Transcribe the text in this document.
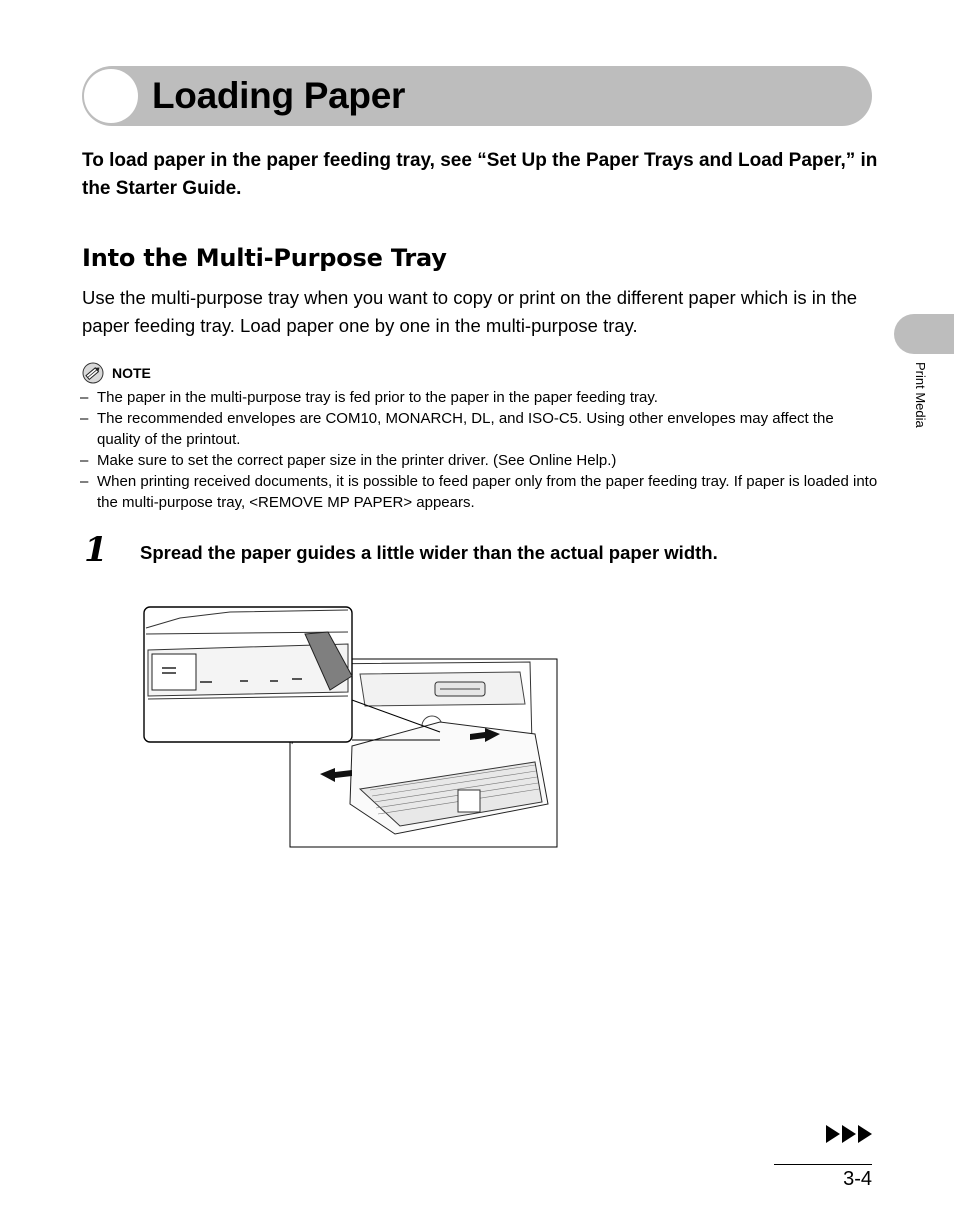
Loading Paper

To load paper in the paper feeding tray, see “Set Up the Paper Trays and Load Paper,” in the Starter Guide.

Into the Multi-Purpose Tray

Use the multi-purpose tray when you want to copy or print on the different paper which is in the paper feeding tray. Load paper one by one in the multi-purpose tray.

NOTE
– The paper in the multi-purpose tray is fed prior to the paper in the paper feeding tray.
– The recommended envelopes are COM10, MONARCH, DL, and ISO-C5. Using other envelopes may affect the quality of the printout.
– Make sure to set the correct paper size in the printer driver. (See Online Help.)
– When printing received documents, it is possible to feed paper only from the paper feeding tray. If paper is loaded into the multi-purpose tray, <REMOVE MP PAPER> appears.
1 Spread the paper guides a little wider than the actual paper width.

Print Media
3-4
